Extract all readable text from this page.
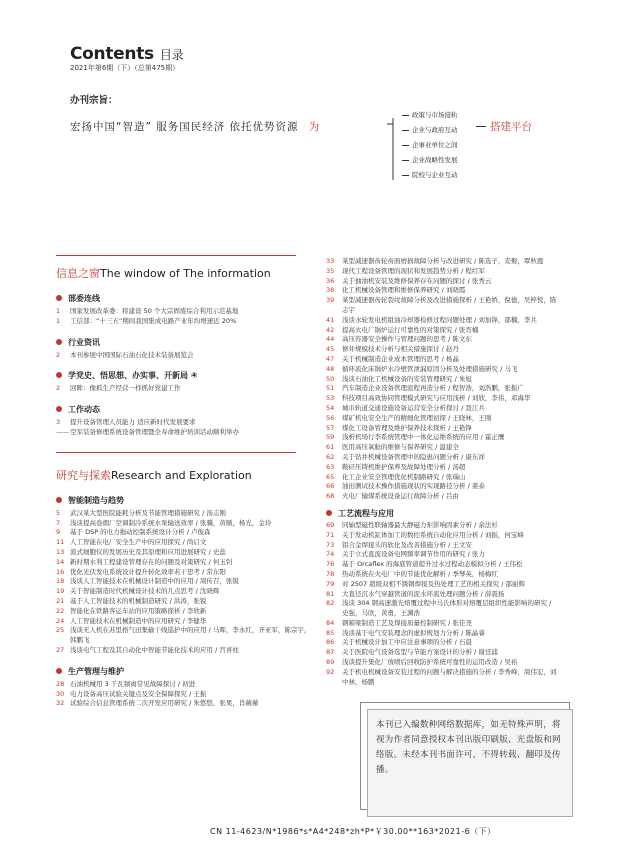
Contents 目录
2021年第6期（下）（总第475期）
办刊宗旨：
宏扬中国“智造” 服务国民经济 依托优势资源 为
政策与市场接轨
企业与政府互动
企事业单位之间
企业战略性发展
院校与企业互动
搭建平台
信息之窗The window of The information
部委连线
1	国家发展改革委：将建设 50 个大宗固废综合利用示范基地
1	工信部：“十三五”期间我国集成电路产业年均增速近 20%
行业资讯
2	本刊参展中国国际石油石化技术装备展览会
学党史、悟思想、办实事、开新局 ④
2	回眸：像抓生产经营一样抓好党建工作
工作动态
3	提升设备管理人员能力 适应新时代发展要求
—— 空军装备修理系统设备管理暨全寿命维护培训活动顺利举办
研究与探索Research and Exploration
智能制造与趋势
5	武汉某大型医院能耗分析及节能管理措施研究 / 汤志刚
7	浅谈提高卷烟厂空调制冷系统水泵输送效率 / 张骥，黄顺，杨光，金玲
9	基于 DSP 的电力拖动控制系统设计分析 / 卢俊森
11 人工智能在电厂安全生产中的应用探究 / 尚启文
13 流式细胞仪的发展历史及其原理和应用进展研究 / 史蕊
14 新时期水利工程建设管理存在的问题及对策研究 / 何玉钊
16 优化光伏发电系统设计提升转化效率若干思考 / 常东阳
18 浅谈人工智能技术在机械设计制造中的应用 / 周传召，张锐
19 关于智能制造时代机械设计技术的几点思考 / 沈晓辉
21 基于人工智能技术的机械制造研究 / 洪涛，张锐
22 智能化在铁路客运车站的应用策略探析 / 李欣新
24 人工智能技术在机械制造中的应用研究 / 李健华
25 浅谈无人机在苏里格气田集输干线巡护中的应用 / 马晖，李永红，齐亚军，陈宗宇，韩鹏飞
27 浅谈电气工程及其自动化中智能节能化技术的应用 / 宫喜柱
生产管理与维护
28 石油机械用 3 千瓦频离常见故障探讨 / 初进
30 电力设备高压试验关键点及安全保障探究 / 王振
32 试验综合信息管理系统二次开发应用研究 / 朱悠悠，张果，肖薇薇
33	某型减速器齿轮齿面磨损故障分析与改进研究 / 陈选子，麦娶，覃秋鹿
35	现代工程设备管理的现状和发展趋势分析 / 程红军
36	关于抽油机安装及维修保养存在问题的探讨 / 张秀云
38	化工机械设备管理和维修保养研究 / 刘晓霞
39	某型减速器齿轮裂纹故障分析及改进措施探析 / 王艳娇，倪德，吴梓悦，陈志宇
41	浅谈水轮发电机组油冷却器检修过程问题处理 / 刘加锋，邵楠，李兵
42	提高火电厂锅炉运行可靠性的对策探究 / 张宵楠
44	高压容器安全操作与管理问题的思考 / 陈文东
45	修井规模技术分析与相关措施探讨 / 赵丹
47	关于机械制造企业成本管理的思考 / 杨晶
48	循环流化床锅炉水冷壁管泄漏原因分析及处理措施研究 / 马飞
50	浅谈石油化工机械设备的安装管理研究 / 朱旭
51	汽车制造企业设备管理流程再造分析 / 程智浩，刘浩鹏，张振广
53	科技项目高效协同管理模式研究与应用浅析 / 刘欣，李伟，邓海华
54	城市轨道交通设施设备运营安全分析探讨 / 聂江兵
56	煤矿机电安全生产的精细化管理初探 / 王晓林，王刚
57	煤化工设备管理及维护保养技术探析 / 王艳锋
59	浅析机场行李系统管理中一体化运维系统的应用 / 霍正鹰
61	医用高压氧舱的维修与保养研究 / 温建全
62	关于钻井机械设备管理中的隐患问题分析 / 康东祥
63	鞍矸压铸机维护保养及故障处理分析 / 汤超
65	化工企业安全管理优化机制路研究 / 张瑞山
66	油田测试技术操作措施现状的实现路径分析 / 姜泰
68	火电厂输煤系统设备运行故障分析 / 吕由
工艺流程与应用
69	同轴型磁性联轴器最大静磁力矩影响因素分析 / 余法杉
71	关于发动机缸体加工的数控系统自动化应用分析 / 刘振，何宝峰
73	铝合金焊接头的软化及改善措施分析 / 王文安
74	关于立式直流设备电网频率调节作用的研究 / 张力
76	基于 Orcaflex 的海底管道提升过水过程动态模拟分析 / 王伟松
78	热动系统在火电厂中的节能优化解析 / 季琴英，杨梅红
79	对 2507 超级双相不锈钢焊接及热处理工艺的相关探究 / 邵丽辉
81	大直径沉水气穿越管道的泥水环流处理问题分析 / 薛震扬
82	浅谈 304 钢高速激光熔覆过程中马氏体形对熔覆层组织性能影响的研究 / 史强，马欣，黄勇，王渊浩
84	钢箱梁制造工艺及焊接质量控制研究 / 张佳尧
85	浅谈基于电气安装理念的虚拟规划力分析 / 陈晶睿
86	关于机械设计加工中应注意事项的分析 / 石晨
87	关于医院电气设备选型与节能方案设计的分析 / 谢廷浦
89	浅谈提升集化厂放喷后回收防护系统可靠性的运用改造 / 吴裕
92	关于机电机械设备安装过程的问题与解决措施的分析 / 李秀峰，周伟宏，刘中林，杨鹏
本刊已入编数种网络数据库，如无特殊声明，将视为作者同意授权本刊出版印刷版、光盘版和网络版。未经本刊书面许可，不得转载、翻印及传播。
CN 11-4623/N*1986*s*A4*248*zh*P*￥30.00**163*2021-6（下）
